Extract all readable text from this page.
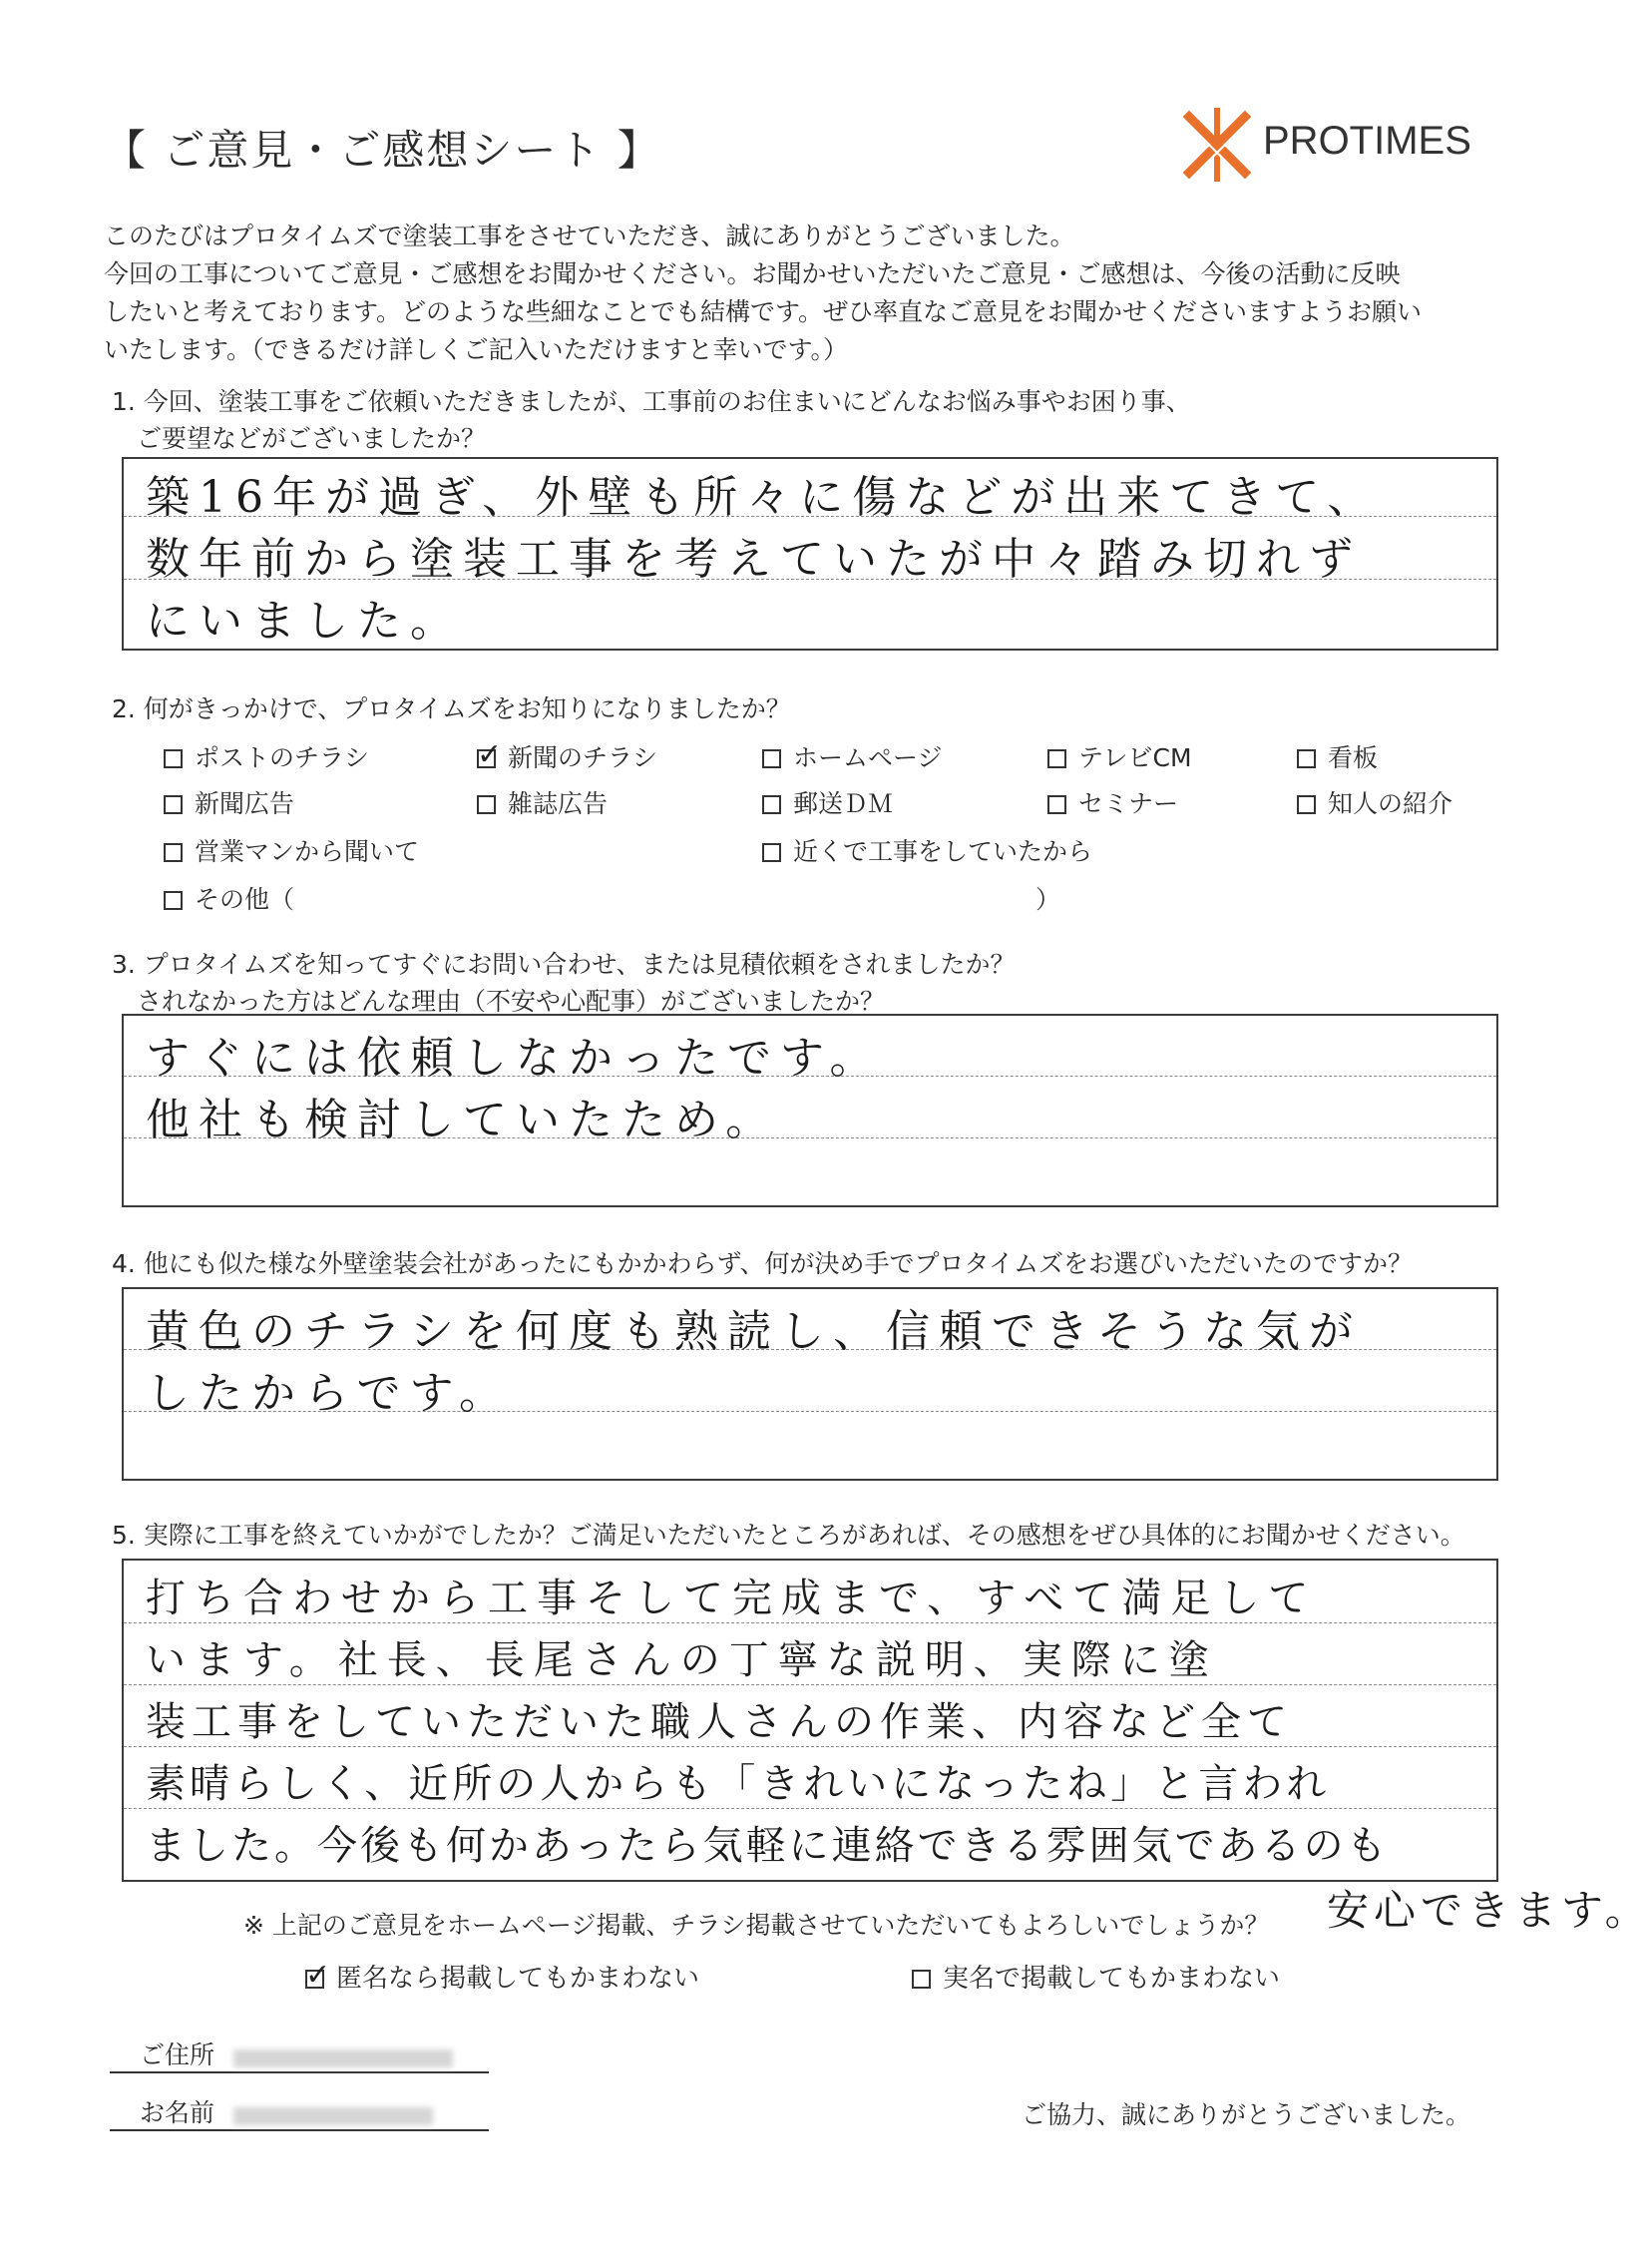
【 ご意見・ご感想シート 】	PROTIMES
このたびはプロタイムズで塗装工事をさせていただき、誠にありがとうございました。
今回の工事についてご意見・ご感想をお聞かせください。お聞かせいただいたご意見・ご感想は、今後の活動に反映
したいと考えております。どのような些細なことでも結構です。ぜひ率直なご意見をお聞かせくださいますようお願い
いたします。（できるだけ詳しくご記入いただけますと幸いです。）
1. 今回、塗装工事をご依頼いただきましたが、工事前のお住まいにどんなお悩み事やお困り事、
　ご要望などがございましたか？
築16年が過ぎ、外壁も所々に傷などが出来てきて、
数年前から塗装工事を考えていたが中々踏み切れず
にいました。
2. 何がきっかけで、プロタイムズをお知りになりましたか？
ポストのチラシ
✓	新聞のチラシ	ホームページ	テレビCM	看板
新聞広告	雑誌広告	郵送ＤＭ	セミナー	知人の紹介
営業マンから聞いて	近くで工事をしていたから
その他（	）
3. プロタイムズを知ってすぐにお問い合わせ、または見積依頼をされましたか？
　されなかった方はどんな理由（不安や心配事）がございましたか？
すぐには依頼しなかったです。
他社も検討していたため。
4. 他にも似た様な外壁塗装会社があったにもかかわらず、何が決め手でプロタイムズをお選びいただいたのですか？
黄色のチラシを何度も熟読し、信頼できそうな気が
したからです。
5. 実際に工事を終えていかがでしたか？ご満足いただいたところがあれば、その感想をぜひ具体的にお聞かせください。
打ち合わせから工事そして完成まで、すべて満足して
います。社長、長尾さんの丁寧な説明、実際に塗
装工事をしていただいた職人さんの作業、内容など全て
素晴らしく、近所の人からも「きれいになったね」と言われ
ました。今後も何かあったら気軽に連絡できる雰囲気であるのも
安心できます。
※ 上記のご意見をホームページ掲載、チラシ掲載させていただいてもよろしいでしょうか？
✓匿名なら掲載してもかまわない	実名で掲載してもかまわない
ご住所
お名前	ご協力、誠にありがとうございました。
